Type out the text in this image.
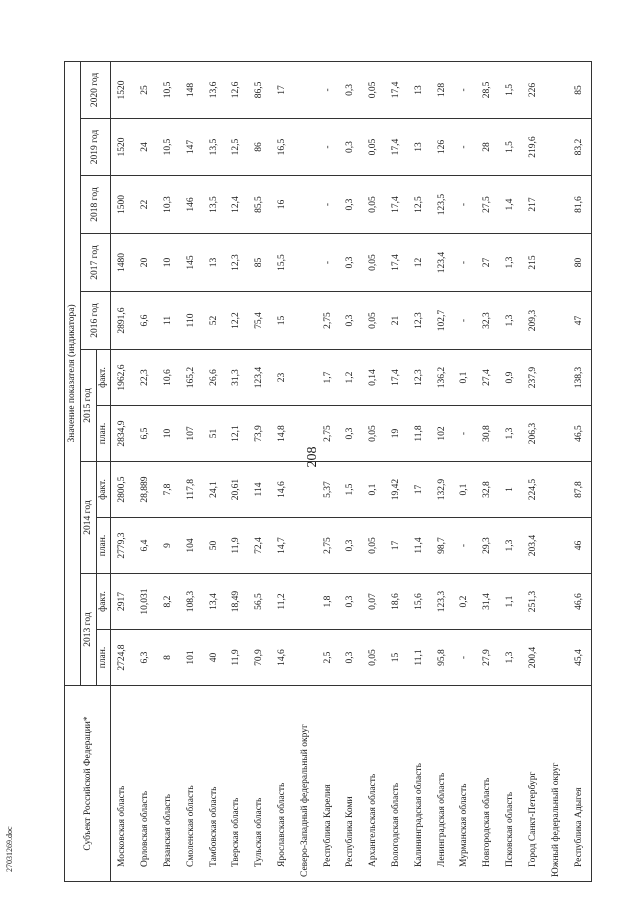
208
27031269.doc	Субъект Российской Федерации*	Значение показателя (индикатора)										
	2013 год		2014 год		2015 год		2016 год	2017 год	2018 год	2019 год	2020 год
	план.	факт.	план.	факт.	план.	факт.					
Московская область	2724,8	2917	2779,3	2800,5	2834,9	1962,6	2891,6	1480	1500	1520	1520
Орловская область	6,3	10,031	6,4	28,889	6,5	22,3	6,6	20	22	24	25
Рязанская область	8	8,2	9	7,8	10	10,6	11	10	10,3	10,5	10,5
Смоленская область	101	108,3	104	117,8	107	165,2	110	145	146	147	148
Тамбовская область	40	13,4	50	24,1	51	26,6	52	13	13,5	13,5	13,6
Тверская область	11,9	18,49	11,9	20,61	12,1	31,3	12,2	12,3	12,4	12,5	12,6
Тульская область	70,9	56,5	72,4	114	73,9	123,4	75,4	85	85,5	86	86,5
Ярославская область	14,6	11,2	14,7	14,6	14,8	23	15	15,5	16	16,5	17
Северо-Западный федеральный округ											
Республика Карелия	2,5	1,8	2,75	5,37	2,75	1,7	2,75	-	-	-	-
Республика Коми	0,3	0,3	0,3	1,5	0,3	1,2	0,3	0,3	0,3	0,3	0,3
Архангельская область	0,05	0,07	0,05	0,1	0,05	0,14	0,05	0,05	0,05	0,05	0,05
Вологодская область	15	18,6	17	19,42	19	17,4	21	17,4	17,4	17,4	17,4
Калининградская область	11,1	15,6	11,4	17	11,8	12,3	12,3	12	12,5	13	13
Ленинградская область	95,8	123,3	98,7	132,9	102	136,2	102,7	123,4	123,5	126	128
Мурманская область	-	0,2	-	0,1	-	0,1	-	-	-	-	-
Новгородская область	27,9	31,4	29,3	32,8	30,8	27,4	32,3	27	27,5	28	28,5
Псковская область	1,3	1,1	1,3	1	1,3	0,9	1,3	1,3	1,4	1,5	1,5
Город Санкт-Петербург	200,4	251,3	203,4	224,5	206,3	237,9	209,3	215	217	219,6	226
Южный федеральный округ											
Республика Адыгея	45,4	46,6	46	87,8	46,5	138,3	47	80	81,6	83,2	85
